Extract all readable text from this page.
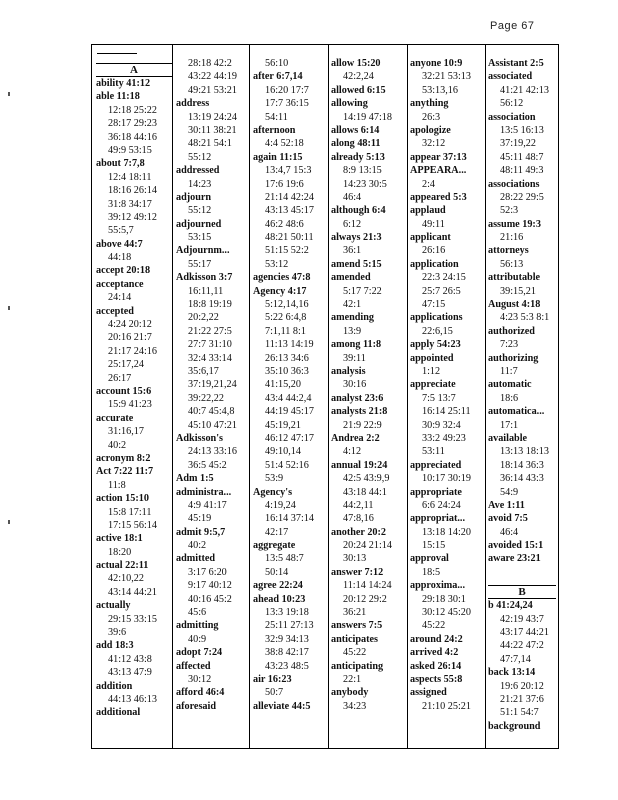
Page 67
A
ability 41:12
able 11:18
12:18 25:22
28:17 29:23
36:18 44:16
49:9 53:15
about 7:7,8
12:4 18:11
18:16 26:14
31:8 34:17
39:12 49:12
55:5,7
above 44:7
44:18
accept 20:18
acceptance
24:14
accepted
4:24 20:12
20:16 21:7
21:17 24:16
25:17,24
26:17
account 15:6
15:9 41:23
accurate
31:16,17
40:2
acronym 8:2
Act 7:22 11:7
11:8
action 15:10
15:8 17:11
17:15 56:14
active 18:1
18:20
actual 22:11
42:10,22
43:14 44:21
actually
29:15 33:15
39:6
add 18:3
41:12 43:8
43:13 47:9
addition
44:13 46:13
additional
28:18 42:2
43:22 44:19
49:21 53:21
address
13:19 24:24
30:11 38:21
48:21 54:1
55:12
addressed
14:23
adjourn
55:12
adjourned
53:15
Adjournm...
55:17
Adkisson 3:7
16:11,11
18:8 19:19
20:2,22
21:22 27:5
27:7 31:10
32:4 33:14
35:6,17
37:19,21,24
39:22,22
40:7 45:4,8
45:10 47:21
Adkisson's
24:13 33:16
36:5 45:2
Adm 1:5
administra...
4:9 41:17
45:19
admit 9:5,7
40:2
admitted
3:17 6:20
9:17 40:12
40:16 45:2
45:6
admitting
40:9
adopt 7:24
affected
30:12
afford 46:4
aforesaid
56:10
after 6:7,14
16:20 17:7
17:7 36:15
54:11
afternoon
4:4 52:18
again 11:15
13:4,7 15:3
17:6 19:6
21:14 42:24
43:13 45:17
46:2 48:6
48:21 50:11
51:15 52:2
53:12
agencies 47:8
Agency 4:17
5:12,14,16
5:22 6:4,8
7:1,11 8:1
11:13 14:19
26:13 34:6
35:10 36:3
41:15,20
43:4 44:2,4
44:19 45:17
45:19,21
46:12 47:17
49:10,14
51:4 52:16
53:9
Agency's
4:19,24
16:14 37:14
42:17
aggregate
13:5 48:7
50:14
agree 22:24
ahead 10:23
13:3 19:18
25:11 27:13
32:9 34:13
38:8 42:17
43:23 48:5
air 16:23
50:7
alleviate 44:5
allow 15:20
42:2,24
allowed 6:15
allowing
14:19 47:18
allows 6:14
along 48:11
already 5:13
8:9 13:15
14:23 30:5
46:4
although 6:4
6:12
always 21:3
36:1
amend 5:15
amended
5:17 7:22
42:1
amending
13:9
among 11:8
39:11
analysis
30:16
analyst 23:6
analysts 21:8
21:9 22:9
Andrea 2:2
4:12
annual 19:24
42:5 43:9,9
43:18 44:1
44:2,11
47:8,16
another 20:2
20:24 21:14
30:13
answer 7:12
11:14 14:24
20:12 29:2
36:21
answers 7:5
anticipates
45:22
anticipating
22:1
anybody
34:23
anyone 10:9
32:21 53:13
53:13,16
anything
26:3
apologize
32:12
appear 37:13
APPEARA...
2:4
appeared 5:3
applaud
49:11
applicant
26:16
application
22:3 24:15
25:7 26:5
47:15
applications
22:6,15
apply 54:23
appointed
1:12
appreciate
7:5 13:7
16:14 25:11
30:9 32:4
33:2 49:23
53:11
appreciated
10:17 30:19
appropriate
6:6 24:24
appropriat...
13:18 14:20
15:15
approval
18:5
approxima...
29:18 30:1
30:12 45:20
45:22
around 24:2
arrived 4:2
asked 26:14
aspects 55:8
assigned
21:10 25:21
Assistant 2:5
associated
41:21 42:13
56:12
association
13:5 16:13
37:19,22
45:11 48:7
48:11 49:3
associations
28:22 29:5
52:3
assume 19:3
21:16
attorneys
56:13
attributable
39:15,21
August 4:18
4:23 5:3 8:1
authorized
7:23
authorizing
11:7
automatic
18:6
automatica...
17:1
available
13:13 18:13
18:14 36:3
36:14 43:3
54:9
Ave 1:11
avoid 7:5
46:4
avoided 15:1
aware 23:21
B
b 41:24,24
42:19 43:7
43:17 44:21
44:22 47:2
47:7,14
back 13:14
19:6 20:12
21:21 37:6
51:1 54:7
background
